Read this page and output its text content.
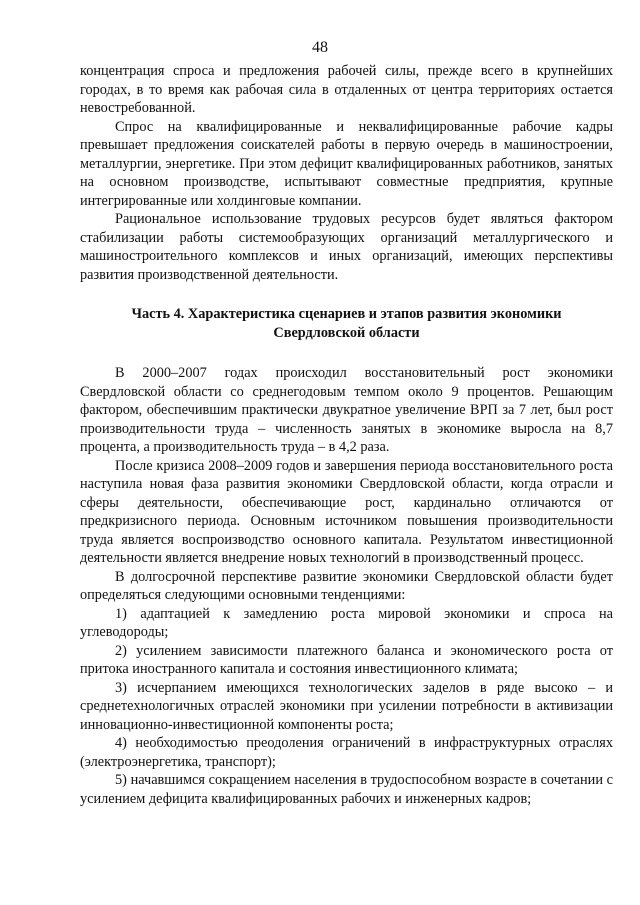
48

концентрация спроса и предложения рабочей силы, прежде всего в крупнейших городах, в то время как рабочая сила в отдаленных от центра территориях остается невостребованной.

Спрос на квалифицированные и неквалифицированные рабочие кадры превышает предложения соискателей работы в первую очередь в машиностроении, металлургии, энергетике. При этом дефицит квалифицированных работников, занятых на основном производстве, испытывают совместные предприятия, крупные интегрированные или холдинговые компании.

Рациональное использование трудовых ресурсов будет являться фактором стабилизации работы системообразующих организаций металлургического и машиностроительного комплексов и иных организаций, имеющих перспективы развития производственной деятельности.

Часть 4. Характеристика сценариев и этапов развития экономики
Свердловской области

В 2000–2007 годах происходил восстановительный рост экономики Свердловской области со среднегодовым темпом около 9 процентов. Решающим фактором, обеспечившим практически двукратное увеличение ВРП за 7 лет, был рост производительности труда – численность занятых в экономике выросла на 8,7 процента, а производительность труда – в 4,2 раза.

После кризиса 2008–2009 годов и завершения периода восстановительного роста наступила новая фаза развития экономики Свердловской области, когда отрасли и сферы деятельности, обеспечивающие рост, кардинально отличаются от предкризисного периода. Основным источником повышения производительности труда является воспроизводство основного капитала. Результатом инвестиционной деятельности является внедрение новых технологий в производственный процесс.

В долгосрочной перспективе развитие экономики Свердловской области будет определяться следующими основными тенденциями:

1) адаптацией к замедлению роста мировой экономики и спроса на углеводороды;

2) усилением зависимости платежного баланса и экономического роста от притока иностранного капитала и состояния инвестиционного климата;

3) исчерпанием имеющихся технологических заделов в ряде высоко – и среднетехнологичных отраслей экономики при усилении потребности в активизации инновационно-инвестиционной компоненты роста;

4) необходимостью преодоления ограничений в инфраструктурных отраслях (электроэнергетика, транспорт);

5) начавшимся сокращением населения в трудоспособном возрасте в сочетании с усилением дефицита квалифицированных рабочих и инженерных кадров;
